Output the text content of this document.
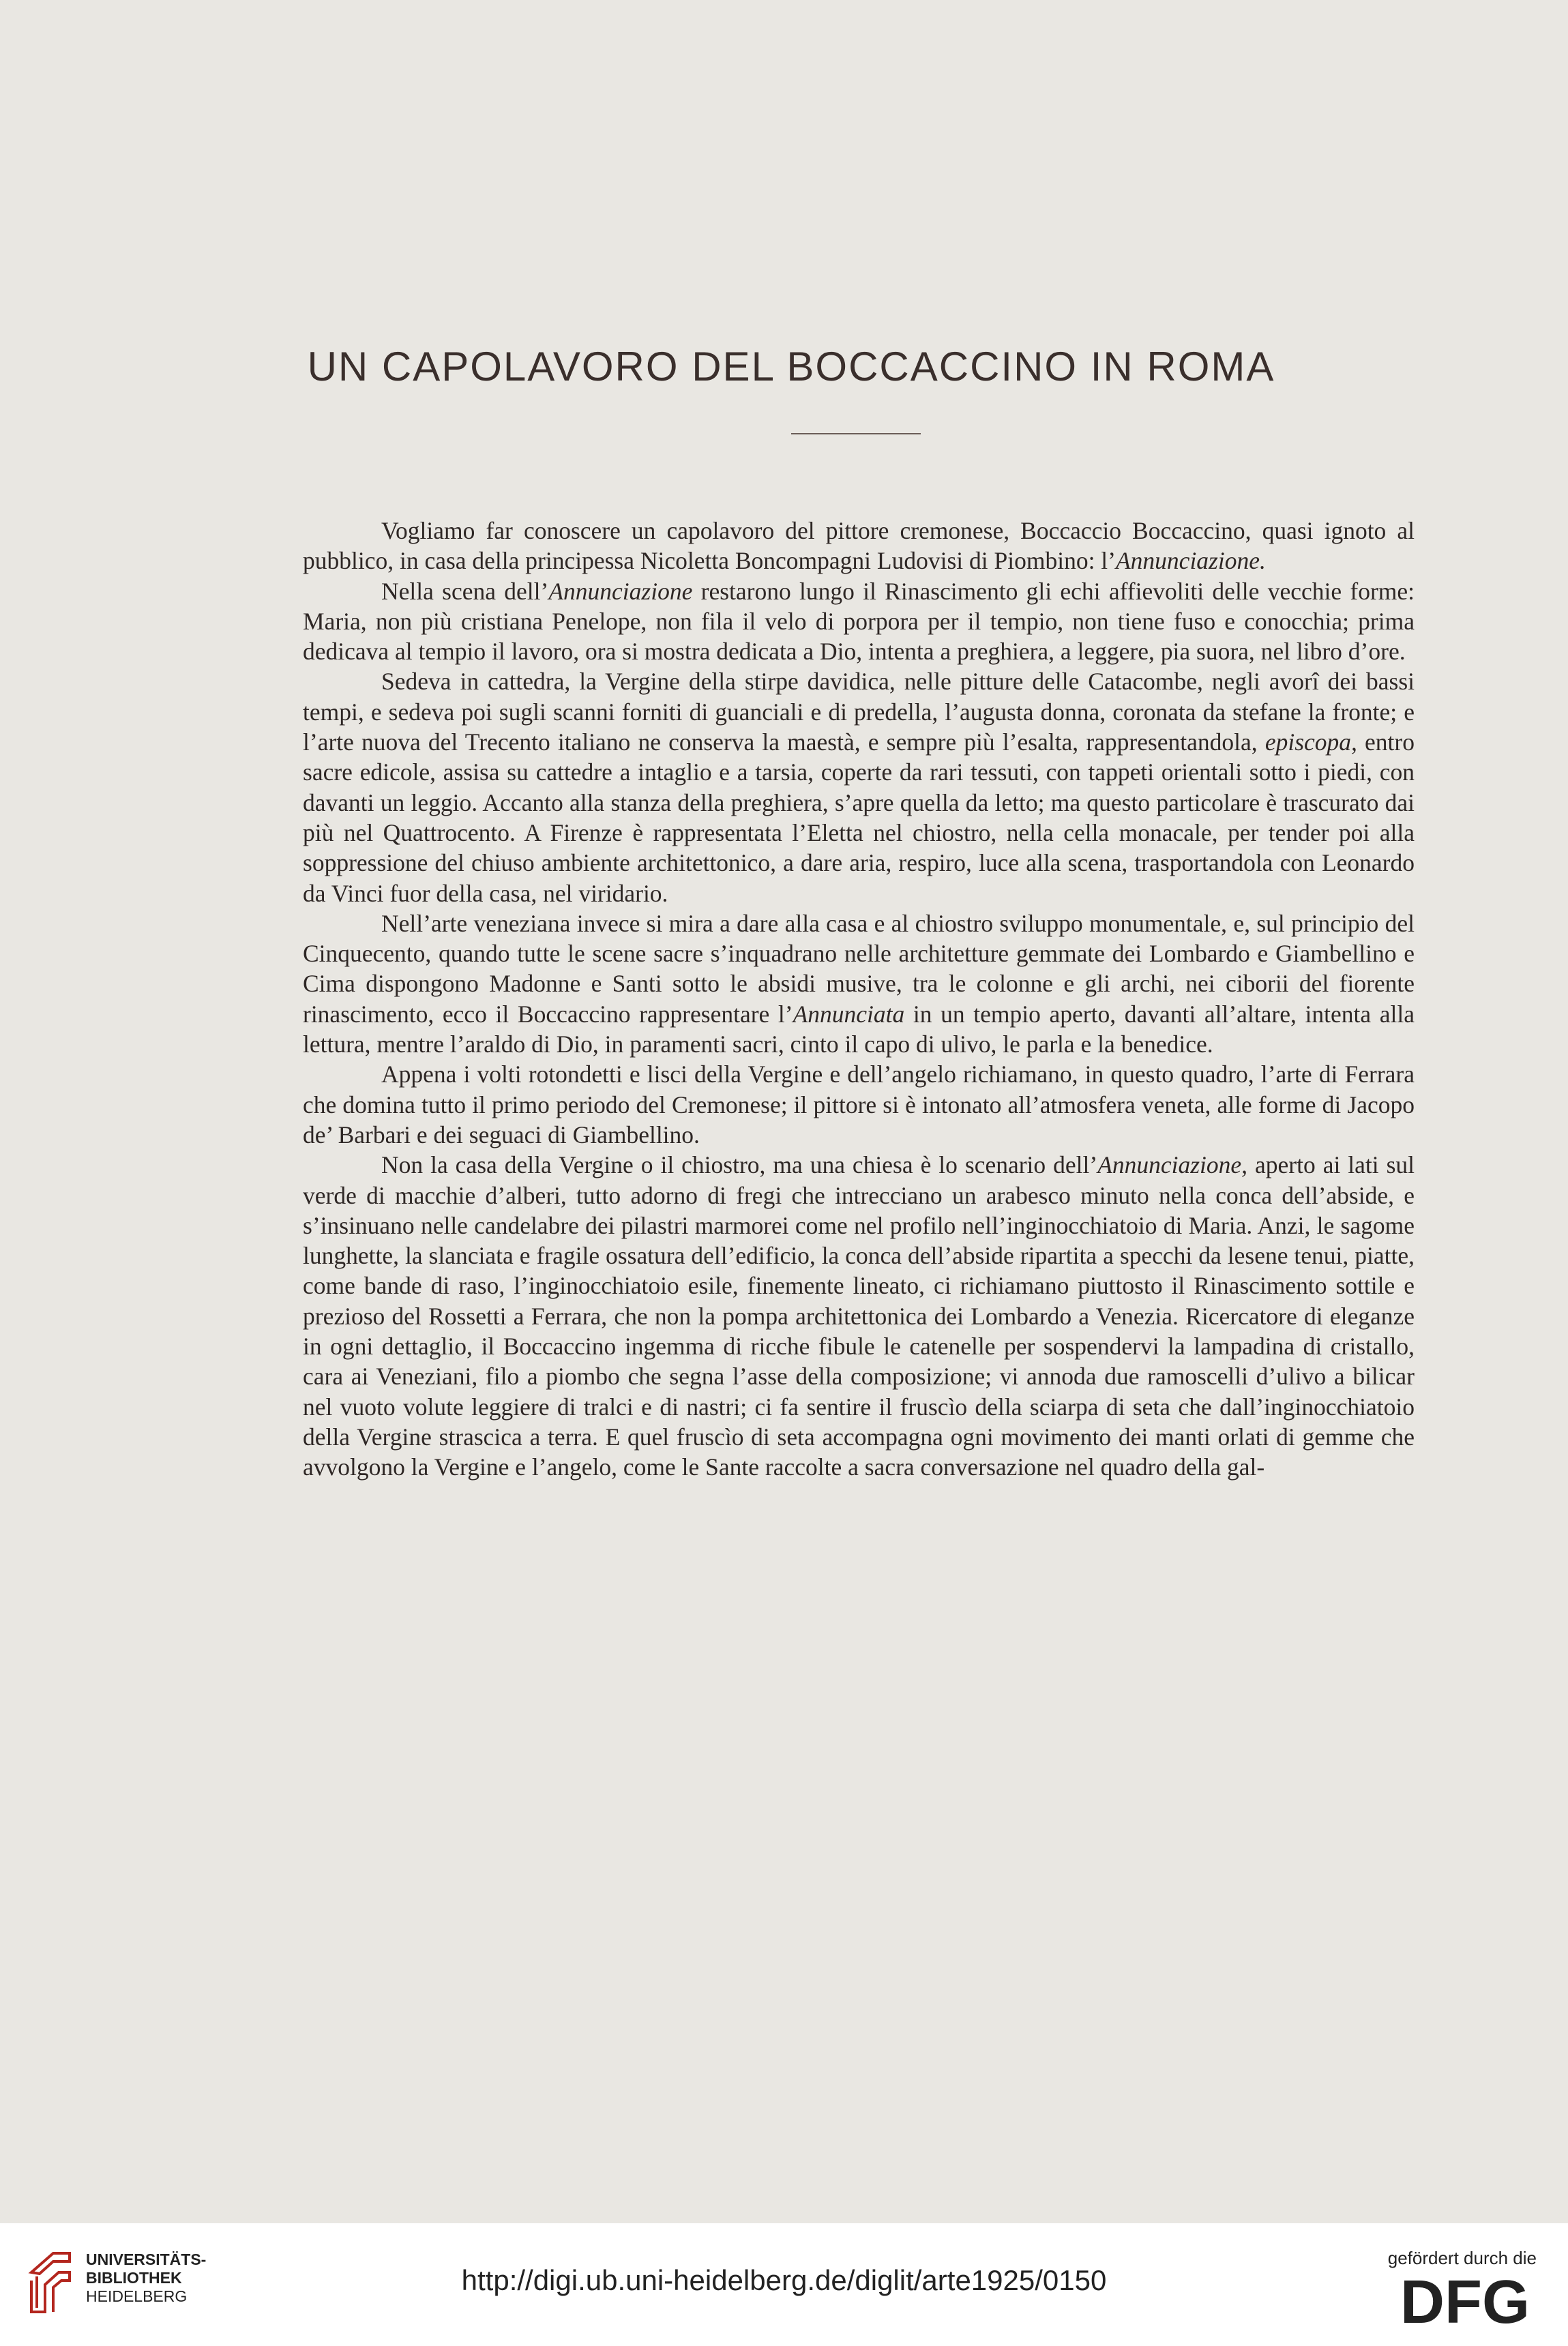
UN CAPOLAVORO DEL BOCCACCINO IN ROMA

Vogliamo far conoscere un capolavoro del pittore cremonese, Boccaccio Boccaccino, quasi ignoto al pubblico, in casa della principessa Nicoletta Boncompagni Ludovisi di Piombino: l’Annunciazione.

Nella scena dell’Annunciazione restarono lungo il Rinascimento gli echi affievoliti delle vecchie forme: Maria, non più cristiana Penelope, non fila il velo di porpora per il tempio, non tiene fuso e conocchia; prima dedicava al tempio il lavoro, ora si mostra dedicata a Dio, intenta a preghiera, a leggere, pia suora, nel libro d’ore.

Sedeva in cattedra, la Vergine della stirpe davidica, nelle pitture delle Catacombe, negli avorî dei bassi tempi, e sedeva poi sugli scanni forniti di guanciali e di predella, l’augusta donna, coronata da stefane la fronte; e l’arte nuova del Trecento italiano ne conserva la maestà, e sempre più l’esalta, rappresentandola, episcopa, entro sacre edicole, assisa su cattedre a intaglio e a tarsia, coperte da rari tessuti, con tappeti orientali sotto i piedi, con davanti un leggio. Accanto alla stanza della preghiera, s’apre quella da letto; ma questo particolare è trascurato dai più nel Quattrocento. A Firenze è rappresentata l’Eletta nel chiostro, nella cella monacale, per tender poi alla soppressione del chiuso ambiente architettonico, a dare aria, respiro, luce alla scena, trasportandola con Leonardo da Vinci fuor della casa, nel viridario.

Nell’arte veneziana invece si mira a dare alla casa e al chiostro sviluppo monumentale, e, sul principio del Cinquecento, quando tutte le scene sacre s’inquadrano nelle architetture gemmate dei Lombardo e Giambellino e Cima dispongono Madonne e Santi sotto le absidi musive, tra le colonne e gli archi, nei ciborii del fiorente rinascimento, ecco il Boccaccino rappresentare l’Annunciata in un tempio aperto, davanti all’altare, intenta alla lettura, mentre l’araldo di Dio, in paramenti sacri, cinto il capo di ulivo, le parla e la benedice.

Appena i volti rotondetti e lisci della Vergine e dell’angelo richiamano, in questo quadro, l’arte di Ferrara che domina tutto il primo periodo del Cremonese; il pittore si è intonato all’atmosfera veneta, alle forme di Jacopo de’ Barbari e dei seguaci di Giambellino.

Non la casa della Vergine o il chiostro, ma una chiesa è lo scenario dell’Annunciazione, aperto ai lati sul verde di macchie d’alberi, tutto adorno di fregi che intrecciano un arabesco minuto nella conca dell’abside, e s’insinuano nelle candelabre dei pilastri marmorei come nel profilo nell’inginocchiatoio di Maria. Anzi, le sagome lunghette, la slanciata e fragile ossatura dell’edificio, la conca dell’abside ripartita a specchi da lesene tenui, piatte, come bande di raso, l’inginocchiatoio esile, finemente lineato, ci richiamano piuttosto il Rinascimento sottile e prezioso del Rossetti a Ferrara, che non la pompa architettonica dei Lombardo a Venezia. Ricercatore di eleganze in ogni dettaglio, il Boccaccino ingemma di ricche fibule le catenelle per sospendervi la lampadina di cristallo, cara ai Veneziani, filo a piombo che segna l’asse della composizione; vi annoda due ramoscelli d’ulivo a bilicar nel vuoto volute leggiere di tralci e di nastri; ci fa sentire il fruscìo della sciarpa di seta che dall’inginocchiatoio della Vergine strascica a terra. E quel fruscìo di seta accompagna ogni movimento dei manti orlati di gemme che avvolgono la Vergine e l’angelo, come le Sante raccolte a sacra conversazione nel quadro della gal-

UNIVERSITÄTS-
BIBLIOTHEK
HEIDELBERG	http://digi.ub.uni-heidelberg.de/diglit/arte1925/0150
gefördert durch die
DFG
